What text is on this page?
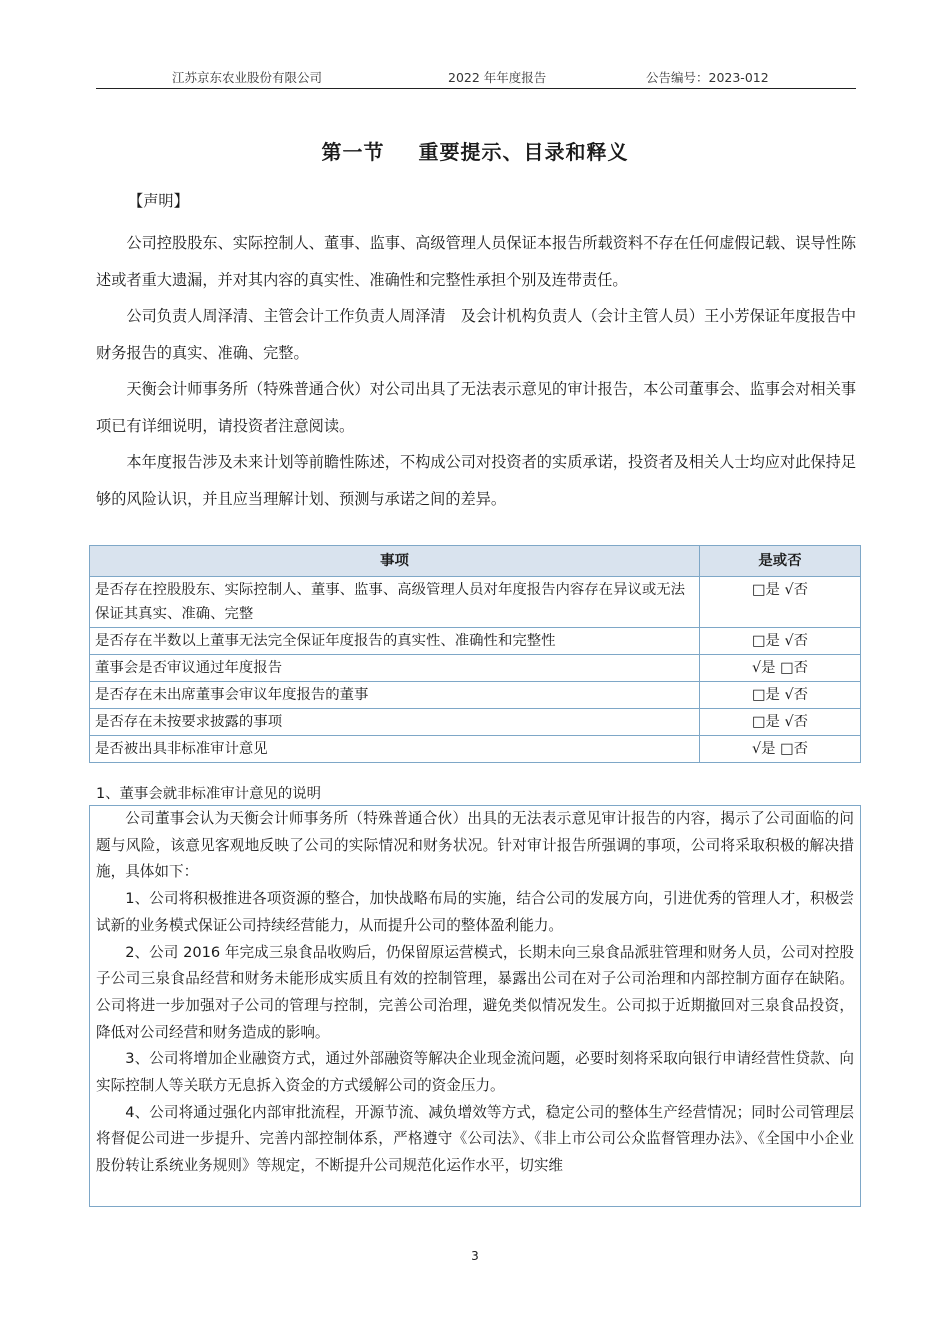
江苏京东农业股份有限公司	2022 年年度报告	公告编号：2023-012
第一节 重要提示、目录和释义
【声明】

公司控股股东、实际控制人、董事、监事、高级管理人员保证本报告所载资料不存在任何虚假记载、误导性陈述或者重大遗漏，并对其内容的真实性、准确性和完整性承担个别及连带责任。

公司负责人周泽清、主管会计工作负责人周泽清　及会计机构负责人（会计主管人员）王小芳保证年度报告中财务报告的真实、准确、完整。

天衡会计师事务所（特殊普通合伙）对公司出具了无法表示意见的审计报告，本公司董事会、监事会对相关事项已有详细说明，请投资者注意阅读。

本年度报告涉及未来计划等前瞻性陈述，不构成公司对投资者的实质承诺，投资者及相关人士均应对此保持足够的风险认识，并且应当理解计划、预测与承诺之间的差异。

事项	是或否
是否存在控股股东、实际控制人、董事、监事、高级管理人员对年度报告内容存在异议或无法保证其真实、准确、完整	□是 √否
是否存在半数以上董事无法完全保证年度报告的真实性、准确性和完整性	□是 √否
董事会是否审议通过年度报告	√是 □否
是否存在未出席董事会审议年度报告的董事	□是 √否
是否存在未按要求披露的事项	□是 √否
是否被出具非标准审计意见	√是 □否
1、董事会就非标准审计意见的说明

公司董事会认为天衡会计师事务所（特殊普通合伙）出具的无法表示意见审计报告的内容，揭示了公司面临的问题与风险，该意见客观地反映了公司的实际情况和财务状况。针对审计报告所强调的事项，公司将采取积极的解决措施，具体如下：

1、公司将积极推进各项资源的整合，加快战略布局的实施，结合公司的发展方向，引进优秀的管理人才，积极尝试新的业务模式保证公司持续经营能力，从而提升公司的整体盈利能力。

2、公司 2016 年完成三泉食品收购后，仍保留原运营模式，长期未向三泉食品派驻管理和财务人员，公司对控股子公司三泉食品经营和财务未能形成实质且有效的控制管理，暴露出公司在对子公司治理和内部控制方面存在缺陷。公司将进一步加强对子公司的管理与控制，完善公司治理，避免类似情况发生。公司拟于近期撤回对三泉食品投资，降低对公司经营和财务造成的影响。

3、公司将增加企业融资方式，通过外部融资等解决企业现金流问题，必要时刻将采取向银行申请经营性贷款、向实际控制人等关联方无息拆入资金的方式缓解公司的资金压力。

4、公司将通过强化内部审批流程，开源节流、减负增效等方式，稳定公司的整体生产经营情况；同时公司管理层将督促公司进一步提升、完善内部控制体系，严格遵守《公司法》、《非上市公司公众监督管理办法》、《全国中小企业股份转让系统业务规则》等规定，不断提升公司规范化运作水平，切实维

3
